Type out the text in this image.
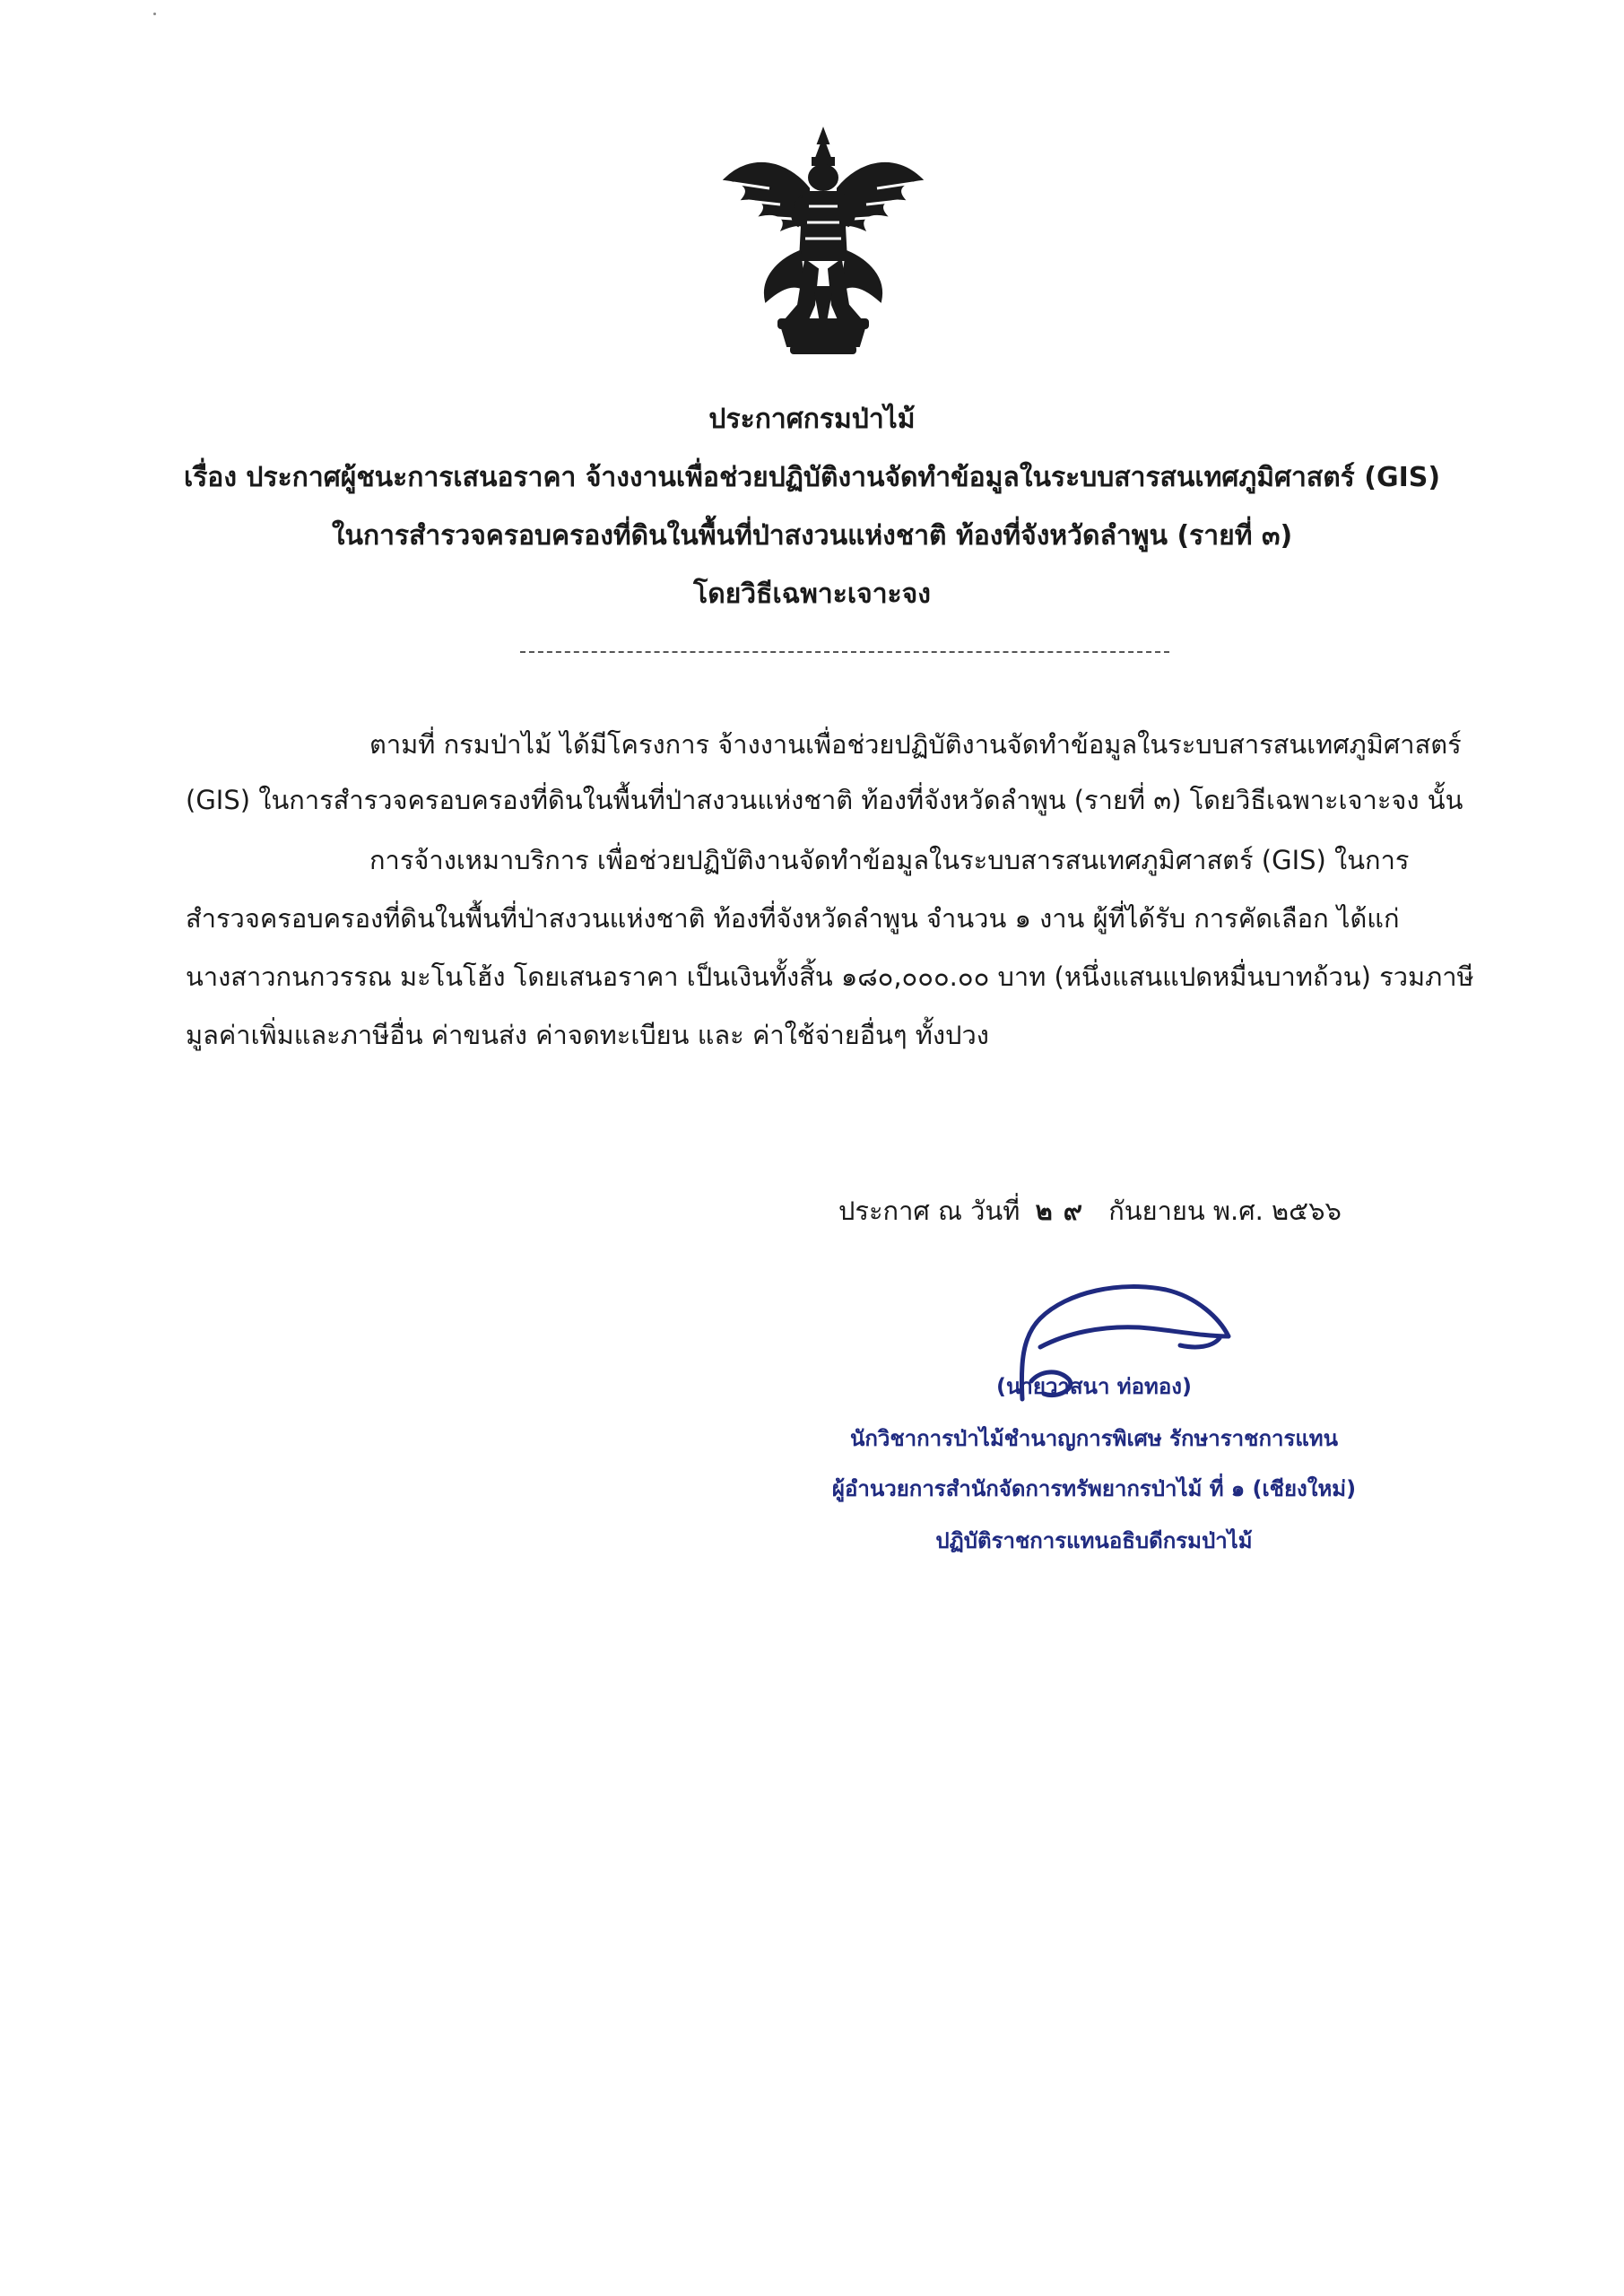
ประกาศกรมป่าไม้
เรื่อง ประกาศผู้ชนะการเสนอราคา จ้างงานเพื่อช่วยปฏิบัติงานจัดทำข้อมูลในระบบสารสนเทศภูมิศาสตร์ (GIS)
ในการสำรวจครอบครองที่ดินในพื้นที่ป่าสงวนแห่งชาติ ท้องที่จังหวัดลำพูน (รายที่ ๓)
โดยวิธีเฉพาะเจาะจง
ตามที่ กรมป่าไม้ ได้มีโครงการ จ้างงานเพื่อช่วยปฏิบัติงานจัดทำข้อมูลในระบบสารสนเทศภูมิศาสตร์
(GIS) ในการสำรวจครอบครองที่ดินในพื้นที่ป่าสงวนแห่งชาติ ท้องที่จังหวัดลำพูน (รายที่ ๓) โดยวิธีเฉพาะเจาะจง นั้น
การจ้างเหมาบริการ เพื่อช่วยปฏิบัติงานจัดทำข้อมูลในระบบสารสนเทศภูมิศาสตร์ (GIS) ในการ
สำรวจครอบครองที่ดินในพื้นที่ป่าสงวนแห่งชาติ ท้องที่จังหวัดลำพูน จำนวน ๑ งาน ผู้ที่ได้รับ การคัดเลือก ได้แก่
นางสาวกนกวรรณ มะโนโฮ้ง โดยเสนอราคา เป็นเงินทั้งสิ้น ๑๘๐,๐๐๐.๐๐ บาท (หนึ่งแสนแปดหมื่นบาทถ้วน) รวมภาษี
มูลค่าเพิ่มและภาษีอื่น ค่าขนส่ง ค่าจดทะเบียน และ ค่าใช้จ่ายอื่นๆ ทั้งปวง
ประกาศ ณ วันที่ ๒๙ กันยายน พ.ศ. ๒๕๖๖
(นายวาสนา ท่อทอง)
นักวิชาการป่าไม้ชำนาญการพิเศษ รักษาราชการแทน
ผู้อำนวยการสำนักจัดการทรัพยากรป่าไม้ ที่ ๑ (เชียงใหม่)
ปฏิบัติราชการแทนอธิบดีกรมป่าไม้
